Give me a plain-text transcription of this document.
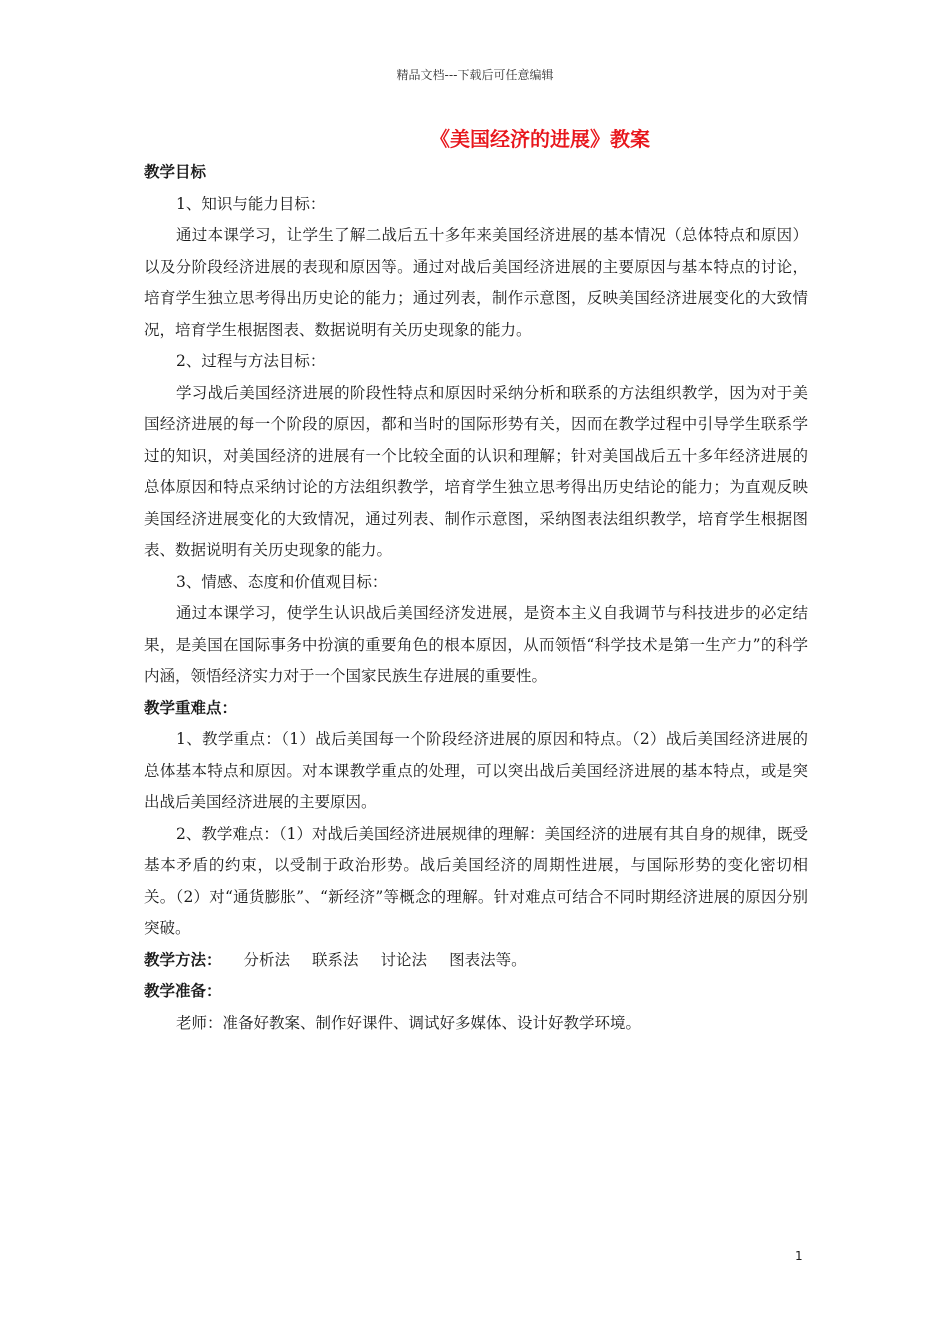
精品文档---下载后可任意编辑
《美国经济的进展》教案

教学目标

1、知识与能力目标：

通过本课学习，让学生了解二战后五十多年来美国经济进展的基本情况（总体特点和原因）以及分阶段经济进展的表现和原因等。通过对战后美国经济进展的主要原因与基本特点的讨论，培育学生独立思考得出历史论的能力；通过列表，制作示意图，反映美国经济进展变化的大致情况，培育学生根据图表、数据说明有关历史现象的能力。

2、过程与方法目标：

学习战后美国经济进展的阶段性特点和原因时采纳分析和联系的方法组织教学，因为对于美国经济进展的每一个阶段的原因，都和当时的国际形势有关，因而在教学过程中引导学生联系学过的知识，对美国经济的进展有一个比较全面的认识和理解；针对美国战后五十多年经济进展的总体原因和特点采纳讨论的方法组织教学，培育学生独立思考得出历史结论的能力；为直观反映美国经济进展变化的大致情况，通过列表、制作示意图，采纳图表法组织教学，培育学生根据图表、数据说明有关历史现象的能力。

3、情感、态度和价值观目标：

通过本课学习，使学生认识战后美国经济发进展，是资本主义自我调节与科技进步的必定结果，是美国在国际事务中扮演的重要角色的根本原因，从而领悟“科学技术是第一生产力”的科学内涵，领悟经济实力对于一个国家民族生存进展的重要性。

教学重难点：

1、教学重点：（1）战后美国每一个阶段经济进展的原因和特点。（2）战后美国经济进展的总体基本特点和原因。对本课教学重点的处理，可以突出战后美国经济进展的基本特点，或是突出战后美国经济进展的主要原因。

2、教学难点：（1）对战后美国经济进展规律的理解：美国经济的进展有其自身的规律，既受基本矛盾的约束，以受制于政治形势。战后美国经济的周期性进展，与国际形势的变化密切相关。（2）对“通货膨胀”、“新经济”等概念的理解。针对难点可结合不同时期经济进展的原因分别突破。

教学方法： 分析法 联系法 讨论法 图表法等。

教学准备：

老师：准备好教案、制作好课件、调试好多媒体、设计好教学环境。

1
